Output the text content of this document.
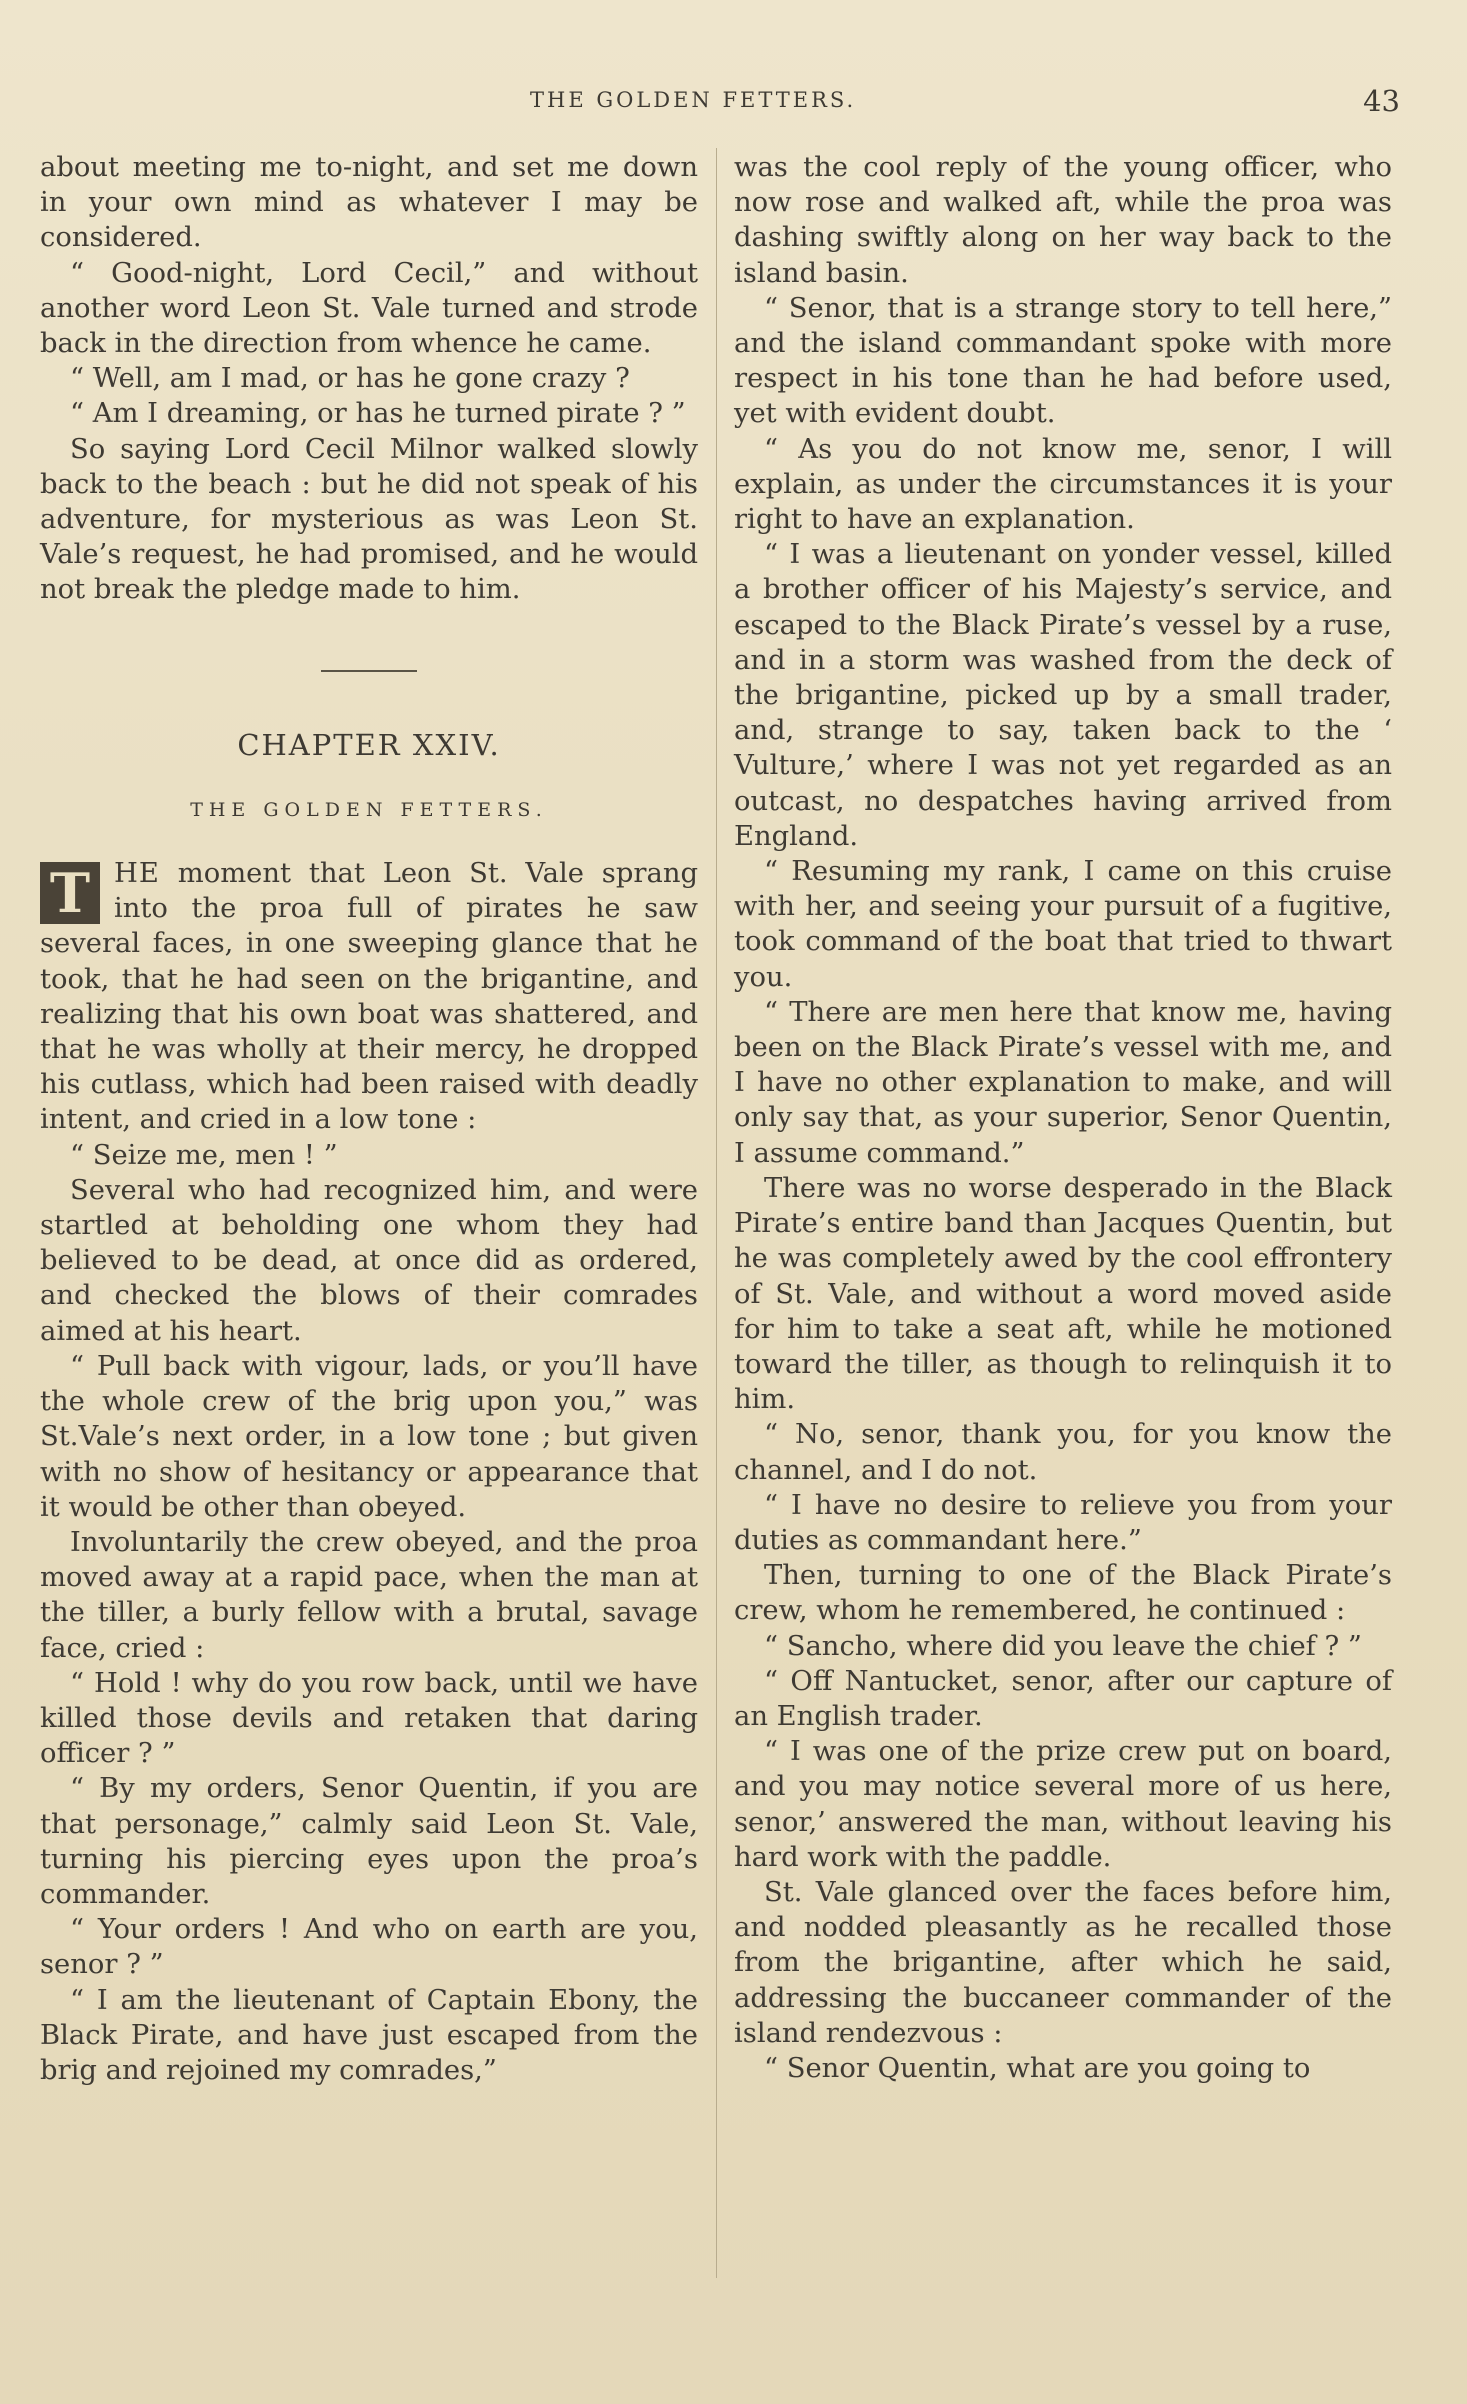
THE GOLDEN FETTERS.	43

about meeting me to-night, and set me down in your own mind as whatever I may be considered.

“ Good-night, Lord Cecil,” and without another word Leon St. Vale turned and strode back in the direction from whence he came.

“ Well, am I mad, or has he gone crazy ?

“ Am I dreaming, or has he turned pirate ? ”

So saying Lord Cecil Milnor walked slowly back to the beach : but he did not speak of his adventure, for mysterious as was Leon St. Vale’s request, he had promised, and he would not break the pledge made to him.

CHAPTER XXIV.
THE GOLDEN FETTERS.

T HE moment that Leon St. Vale sprang into the proa full of pirates he saw several faces, in one sweeping glance that he took, that he had seen on the brigantine, and realizing that his own boat was shattered, and that he was wholly at their mercy, he dropped his cutlass, which had been raised with deadly intent, and cried in a low tone :

“ Seize me, men ! ”

Several who had recognized him, and were startled at beholding one whom they had believed to be dead, at once did as ordered, and checked the blows of their comrades aimed at his heart.

“ Pull back with vigour, lads, or you’ll have the whole crew of the brig upon you,” was St.Vale’s next order, in a low tone ; but given with no show of hesitancy or appearance that it would be other than obeyed.

Involuntarily the crew obeyed, and the proa moved away at a rapid pace, when the man at the tiller, a burly fellow with a brutal, savage face, cried :

“ Hold ! why do you row back, until we have killed those devils and retaken that daring officer ? ”

“ By my orders, Senor Quentin, if you are that personage,” calmly said Leon St. Vale, turning his piercing eyes upon the proa’s commander.

“ Your orders ! And who on earth are you, senor ? ”

“ I am the lieutenant of Captain Ebony, the Black Pirate, and have just escaped from the brig and rejoined my comrades,”

was the cool reply of the young officer, who now rose and walked aft, while the proa was dashing swiftly along on her way back to the island basin.

“ Senor, that is a strange story to tell here,” and the island commandant spoke with more respect in his tone than he had before used, yet with evident doubt.

“ As you do not know me, senor, I will explain, as under the circumstances it is your right to have an explanation.

“ I was a lieutenant on yonder vessel, killed a brother officer of his Majesty’s service, and escaped to the Black Pirate’s vessel by a ruse, and in a storm was washed from the deck of the brigantine, picked up by a small trader, and, strange to say, taken back to the ‘ Vulture,’ where I was not yet regarded as an outcast, no despatches having arrived from England.

“ Resuming my rank, I came on this cruise with her, and seeing your pursuit of a fugitive, took command of the boat that tried to thwart you.

“ There are men here that know me, having been on the Black Pirate’s vessel with me, and I have no other explanation to make, and will only say that, as your superior, Senor Quentin, I assume command.”

There was no worse desperado in the Black Pirate’s entire band than Jacques Quentin, but he was completely awed by the cool effrontery of St. Vale, and without a word moved aside for him to take a seat aft, while he motioned toward the tiller, as though to relinquish it to him.

“ No, senor, thank you, for you know the channel, and I do not.

“ I have no desire to relieve you from your duties as commandant here.”

Then, turning to one of the Black Pirate’s crew, whom he remembered, he continued :

“ Sancho, where did you leave the chief ? ”

“ Off Nantucket, senor, after our capture of an English trader.

“ I was one of the prize crew put on board, and you may notice several more of us here, senor,’ answered the man, without leaving his hard work with the paddle.

St. Vale glanced over the faces before him, and nodded pleasantly as he recalled those from the brigantine, after which he said, addressing the buccaneer commander of the island rendezvous :

“ Senor Quentin, what are you going to
